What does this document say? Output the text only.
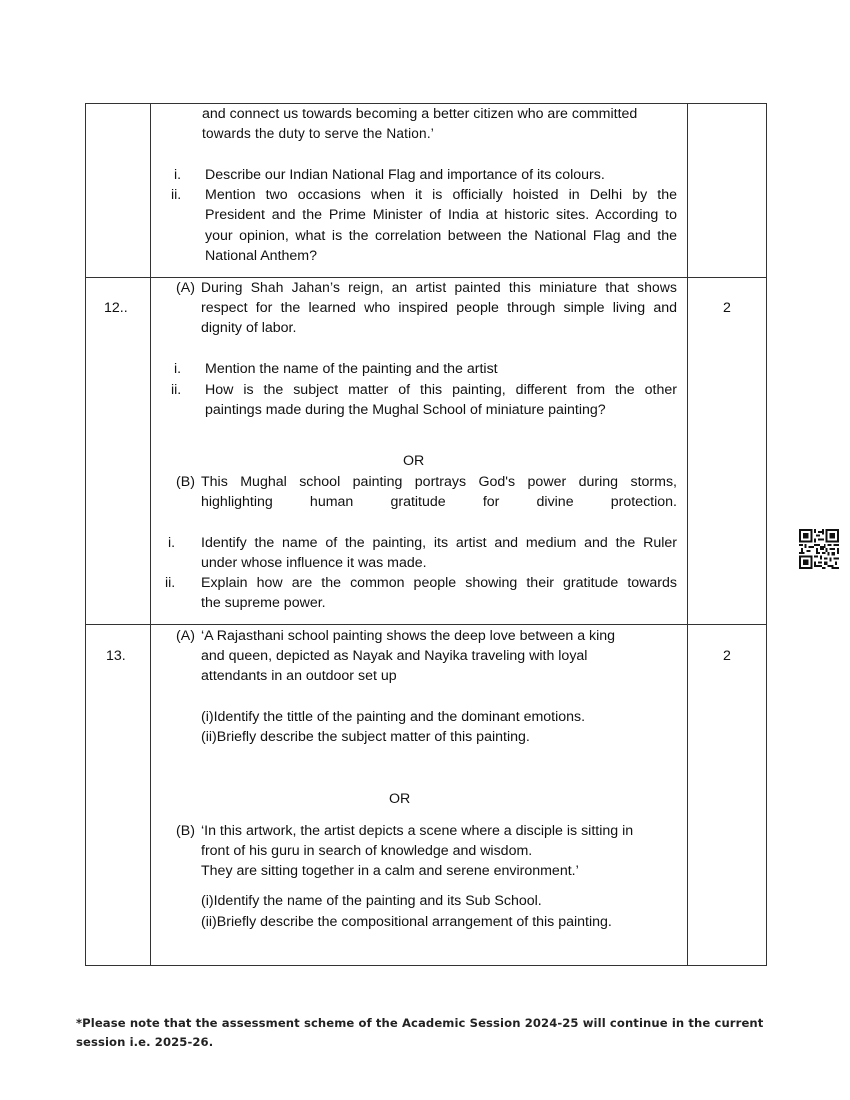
and connect us towards becoming a better citizen who are committed
towards the duty to serve the Nation.’
i. Describe our Indian National Flag and importance of its colours.
ii. Mention two occasions when it is officially hoisted in Delhi by the
President and the Prime Minister of India at historic sites. According to
your opinion, what is the correlation between the National Flag and the
National Anthem?
12..	2
(A) During Shah Jahan’s reign, an artist painted this miniature that shows
respect for the learned who inspired people through simple living and
dignity of labor.
i. Mention the name of the painting and the artist
ii. How is the subject matter of this painting, different from the other
paintings made during the Mughal School of miniature painting?
OR
(B) This Mughal school painting portrays God's power during storms,
highlighting human gratitude for divine protection.
i. Identify the name of the painting, its artist and medium and the Ruler
under whose influence it was made.
ii. Explain how are the common people showing their gratitude towards
the supreme power.
13.	2
(A) ‘A Rajasthani school painting shows the deep love between a king
and queen, depicted as Nayak and Nayika traveling with loyal
attendants in an outdoor set up
(i)Identify the tittle of the painting and the dominant emotions.
(ii)Briefly describe the subject matter of this painting.
OR
(B) ‘In this artwork, the artist depicts a scene where a disciple is sitting in
front of his guru in search of knowledge and wisdom.
They are sitting together in a calm and serene environment.’
(i)Identify the name of the painting and its Sub School.
(ii)Briefly describe the compositional arrangement of this painting.
*Please note that the assessment scheme of the Academic Session 2024-25 will continue in the current session i.e. 2025-26.
